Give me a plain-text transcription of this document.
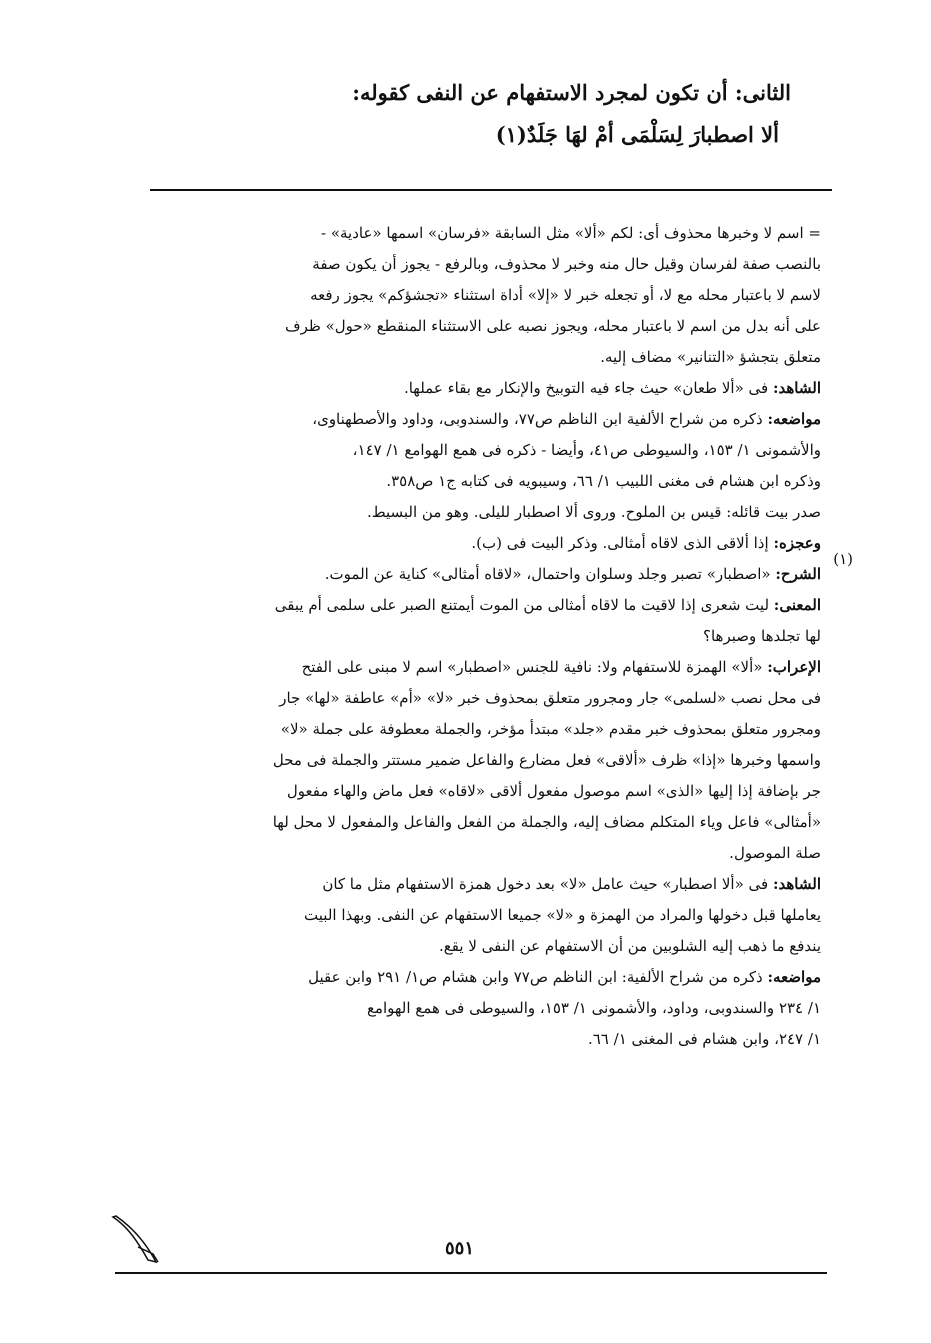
الثانى: أن تكون لمجرد الاستفهام عن النفى كقوله:
ألا اصطبارَ لِسَلْمَى أمْ لهَا جَلَدٌ(١)
(١)
= اسم لا وخبرها محذوف أى: لكم «ألا» مثل السابقة «فرسان» اسمها «عادية» -
بالنصب صفة لفرسان وقيل حال منه وخبر لا محذوف، وبالرفع - يجوز أن يكون صفة
لاسم لا باعتبار محله مع لا، أو تجعله خبر لا «إلا» أداة استثناء «تجشؤكم» يجوز رفعه
على أنه بدل من اسم لا باعتبار محله، ويجوز نصبه على الاستثناء المنقطع «حول» ظرف
متعلق بتجشؤ «التنانير» مضاف إليه.
الشاهد: فى «ألا طعان» حيث جاء فيه التوبيخ والإنكار مع بقاء عملها.
مواضعه: ذكره من شراح الألفية ابن الناظم ص٧٧، والسندوبى، وداود والأصطهناوى،
والأشمونى ١/ ١٥٣، والسيوطى ص٤١، وأيضا - ذكره فى همع الهوامع ١/ ١٤٧،
وذكره ابن هشام فى مغنى اللبيب ١/ ٦٦، وسيبويه فى كتابه ج١ ص٣٥٨.
صدر بيت قائله: قيس بن الملوح. وروى ألا اصطبار لليلى. وهو من البسيط.
وعجزه: إذا ألاقى الذى لاقاه أمثالى. وذكر البيت فى (ب).
الشرح: «اصطبار» تصبر وجلد وسلوان واحتمال، «لاقاه أمثالى» كناية عن الموت.
المعنى: ليت شعرى إذا لاقيت ما لاقاه أمثالى من الموت أيمتنع الصبر على سلمى أم يبقى
لها تجلدها وصبرها؟
الإعراب: «ألا» الهمزة للاستفهام ولا: نافية للجنس «اصطبار» اسم لا مبنى على الفتح
فى محل نصب «لسلمى» جار ومجرور متعلق بمحذوف خبر «لا» «أم» عاطفة «لها» جار
ومجرور متعلق بمحذوف خبر مقدم «جلد» مبتدأ مؤخر، والجملة معطوفة على جملة «لا»
واسمها وخبرها «إذا» ظرف «ألاقى» فعل مضارع والفاعل ضمير مستتر والجملة فى محل
جر بإضافة إذا إليها «الذى» اسم موصول مفعول ألاقى «لاقاه» فعل ماض والهاء مفعول
«أمثالى» فاعل وياء المتكلم مضاف إليه، والجملة من الفعل والفاعل والمفعول لا محل لها
صلة الموصول.
الشاهد: فى «ألا اصطبار» حيث عامل «لا» بعد دخول همزة الاستفهام مثل ما كان
يعاملها قبل دخولها والمراد من الهمزة و «لا» جميعا الاستفهام عن النفى. وبهذا البيت
يندفع ما ذهب إليه الشلوبين من أن الاستفهام عن النفى لا يقع.
مواضعه: ذكره من شراح الألفية: ابن الناظم ص٧٧ وابن هشام ص١/ ٢٩١ وابن عقيل
١/ ٢٣٤ والسندوبى، وداود، والأشمونى ١/ ١٥٣، والسيوطى فى همع الهوامع
١/ ٢٤٧، وابن هشام فى المغنى ١/ ٦٦.
٥٥١
